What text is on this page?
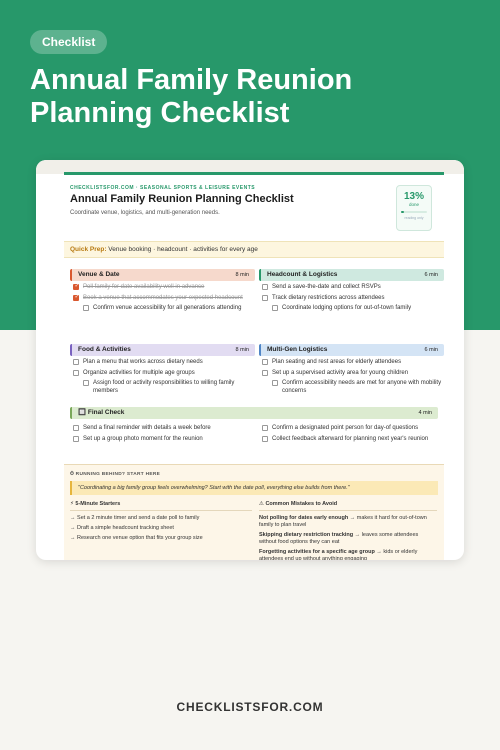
Checklist
Annual Family Reunion Planning Checklist
CHECKLISTSFOR.COM · SEASONAL SPORTS & LEISURE EVENTS
Annual Family Reunion Planning Checklist
Coordinate venue, logistics, and multi-generation needs.
13%
done
reading only
Quick Prep: Venue booking · headcount · activities for every age
Venue & Date	8 min
✓
Poll family for date availability well in advance
✓
Book a venue that accommodates your expected headcount
Confirm venue accessibility for all generations attending
Headcount & Logistics	6 min
Send a save-the-date and collect RSVPs
Track dietary restrictions across attendees
Coordinate lodging options for out-of-town family
Food & Activities	8 min
Plan a menu that works across dietary needs
Organize activities for multiple age groups
Assign food or activity responsibilities to willing family members
Multi-Gen Logistics	6 min
Plan seating and rest areas for elderly attendees
Set up a supervised activity area for young children
Confirm accessibility needs are met for anyone with mobility concerns
🔲 Final Check	4 min
Send a final reminder with details a week before
Set up a group photo moment for the reunion
Confirm a designated point person for day-of questions
Collect feedback afterward for planning next year's reunion
⏱ RUNNING BEHIND? START HERE
"Coordinating a big family group feels overwhelming? Start with the date poll, everything else builds from there."
⚡ 5-Minute Starters
→ Set a 2 minute timer and send a date poll to family
→ Draft a simple headcount tracking sheet
→ Research one venue option that fits your group size
⚠ Common Mistakes to Avoid
Not polling for dates early enough → makes it hard for out-of-town family to plan travel
Skipping dietary restriction tracking → leaves some attendees without food options they can eat
Forgetting activities for a specific age group → kids or elderly attendees end up without anything engaging
CHECKLISTSFOR.COM
